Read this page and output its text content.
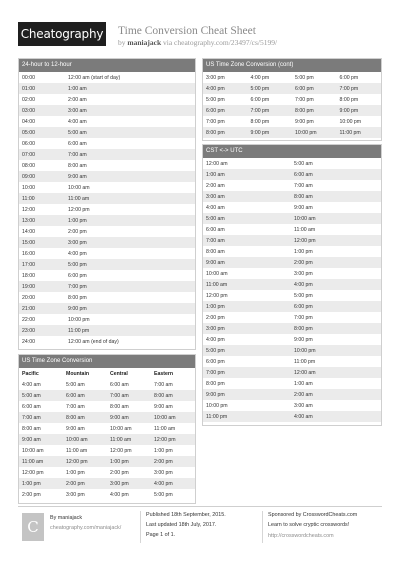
Cheatography Time Conversion Cheat Sheet
by maniajack via cheatography.com/23497/cs/5199/
24-hour to 12-hour
00:00	12:00 am (start of day)
01:00	1:00 am
02:00	2:00 am
03:00	3:00 am
04:00	4:00 am
05:00	5:00 am
06:00	6:00 am
07:00	7:00 am
08:00	8:00 am
09:00	9:00 am
10:00	10:00 am
11:00	11:00 am
12:00	12:00 pm
13:00	1:00 pm
14:00	2:00 pm
15:00	3:00 pm
16:00	4:00 pm
17:00	5:00 pm
18:00	6:00 pm
19:00	7:00 pm
20:00	8:00 pm
21:00	9:00 pm
22:00	10:00 pm
23:00	11:00 pm
24:00	12:00 am (end of day)
US Time Zone Conversion
Pacific	Mountain	Central	Eastern
4:00 am	5:00 am	6:00 am	7:00 am
5:00 am	6:00 am	7:00 am	8:00 am
6:00 am	7:00 am	8:00 am	9:00 am
7:00 am	8:00 am	9:00 am	10:00 am
8:00 am	9:00 am	10:00 am	11:00 am
9:00 am	10:00 am	11:00 am	12:00 pm
10:00 am	11:00 am	12:00 pm	1:00 pm
11:00 am	12:00 pm	1:00 pm	2:00 pm
12:00 pm	1:00 pm	2:00 pm	3:00 pm
1:00 pm	2:00 pm	3:00 pm	4:00 pm
2:00 pm	3:00 pm	4:00 pm	5:00 pm
US Time Zone Conversion (cont)
3:00 pm	4:00 pm	5:00 pm	6:00 pm
4:00 pm	5:00 pm	6:00 pm	7:00 pm
5:00 pm	6:00 pm	7:00 pm	8:00 pm
6:00 pm	7:00 pm	8:00 pm	9:00 pm
7:00 pm	8:00 pm	9:00 pm	10:00 pm
8:00 pm	9:00 pm	10:00 pm	11:00 pm
CST <-> UTC
12:00 am	5:00 am
1:00 am	6:00 am
2:00 am	7:00 am
3:00 am	8:00 am
4:00 am	9:00 am
5:00 am	10:00 am
6:00 am	11:00 am
7:00 am	12:00 pm
8:00 am	1:00 pm
9:00 am	2:00 pm
10:00 am	3:00 pm
11:00 am	4:00 pm
12:00 pm	5:00 pm
1:00 pm	6:00 pm
2:00 pm	7:00 pm
3:00 pm	8:00 pm
4:00 pm	9:00 pm
5:00 pm	10:00 pm
6:00 pm	11:00 pm
7:00 pm	12:00 am
8:00 pm	1:00 am
9:00 pm	2:00 am
10:00 pm	3:00 am
11:00 pm	4:00 am
C	By maniajack
cheatography.com/maniajack/
Published 18th September, 2015.
Last updated 18th July, 2017.
Page 1 of 1.
Sponsored by CrosswordCheats.com
Learn to solve cryptic crosswords!
http://crosswordcheats.com
